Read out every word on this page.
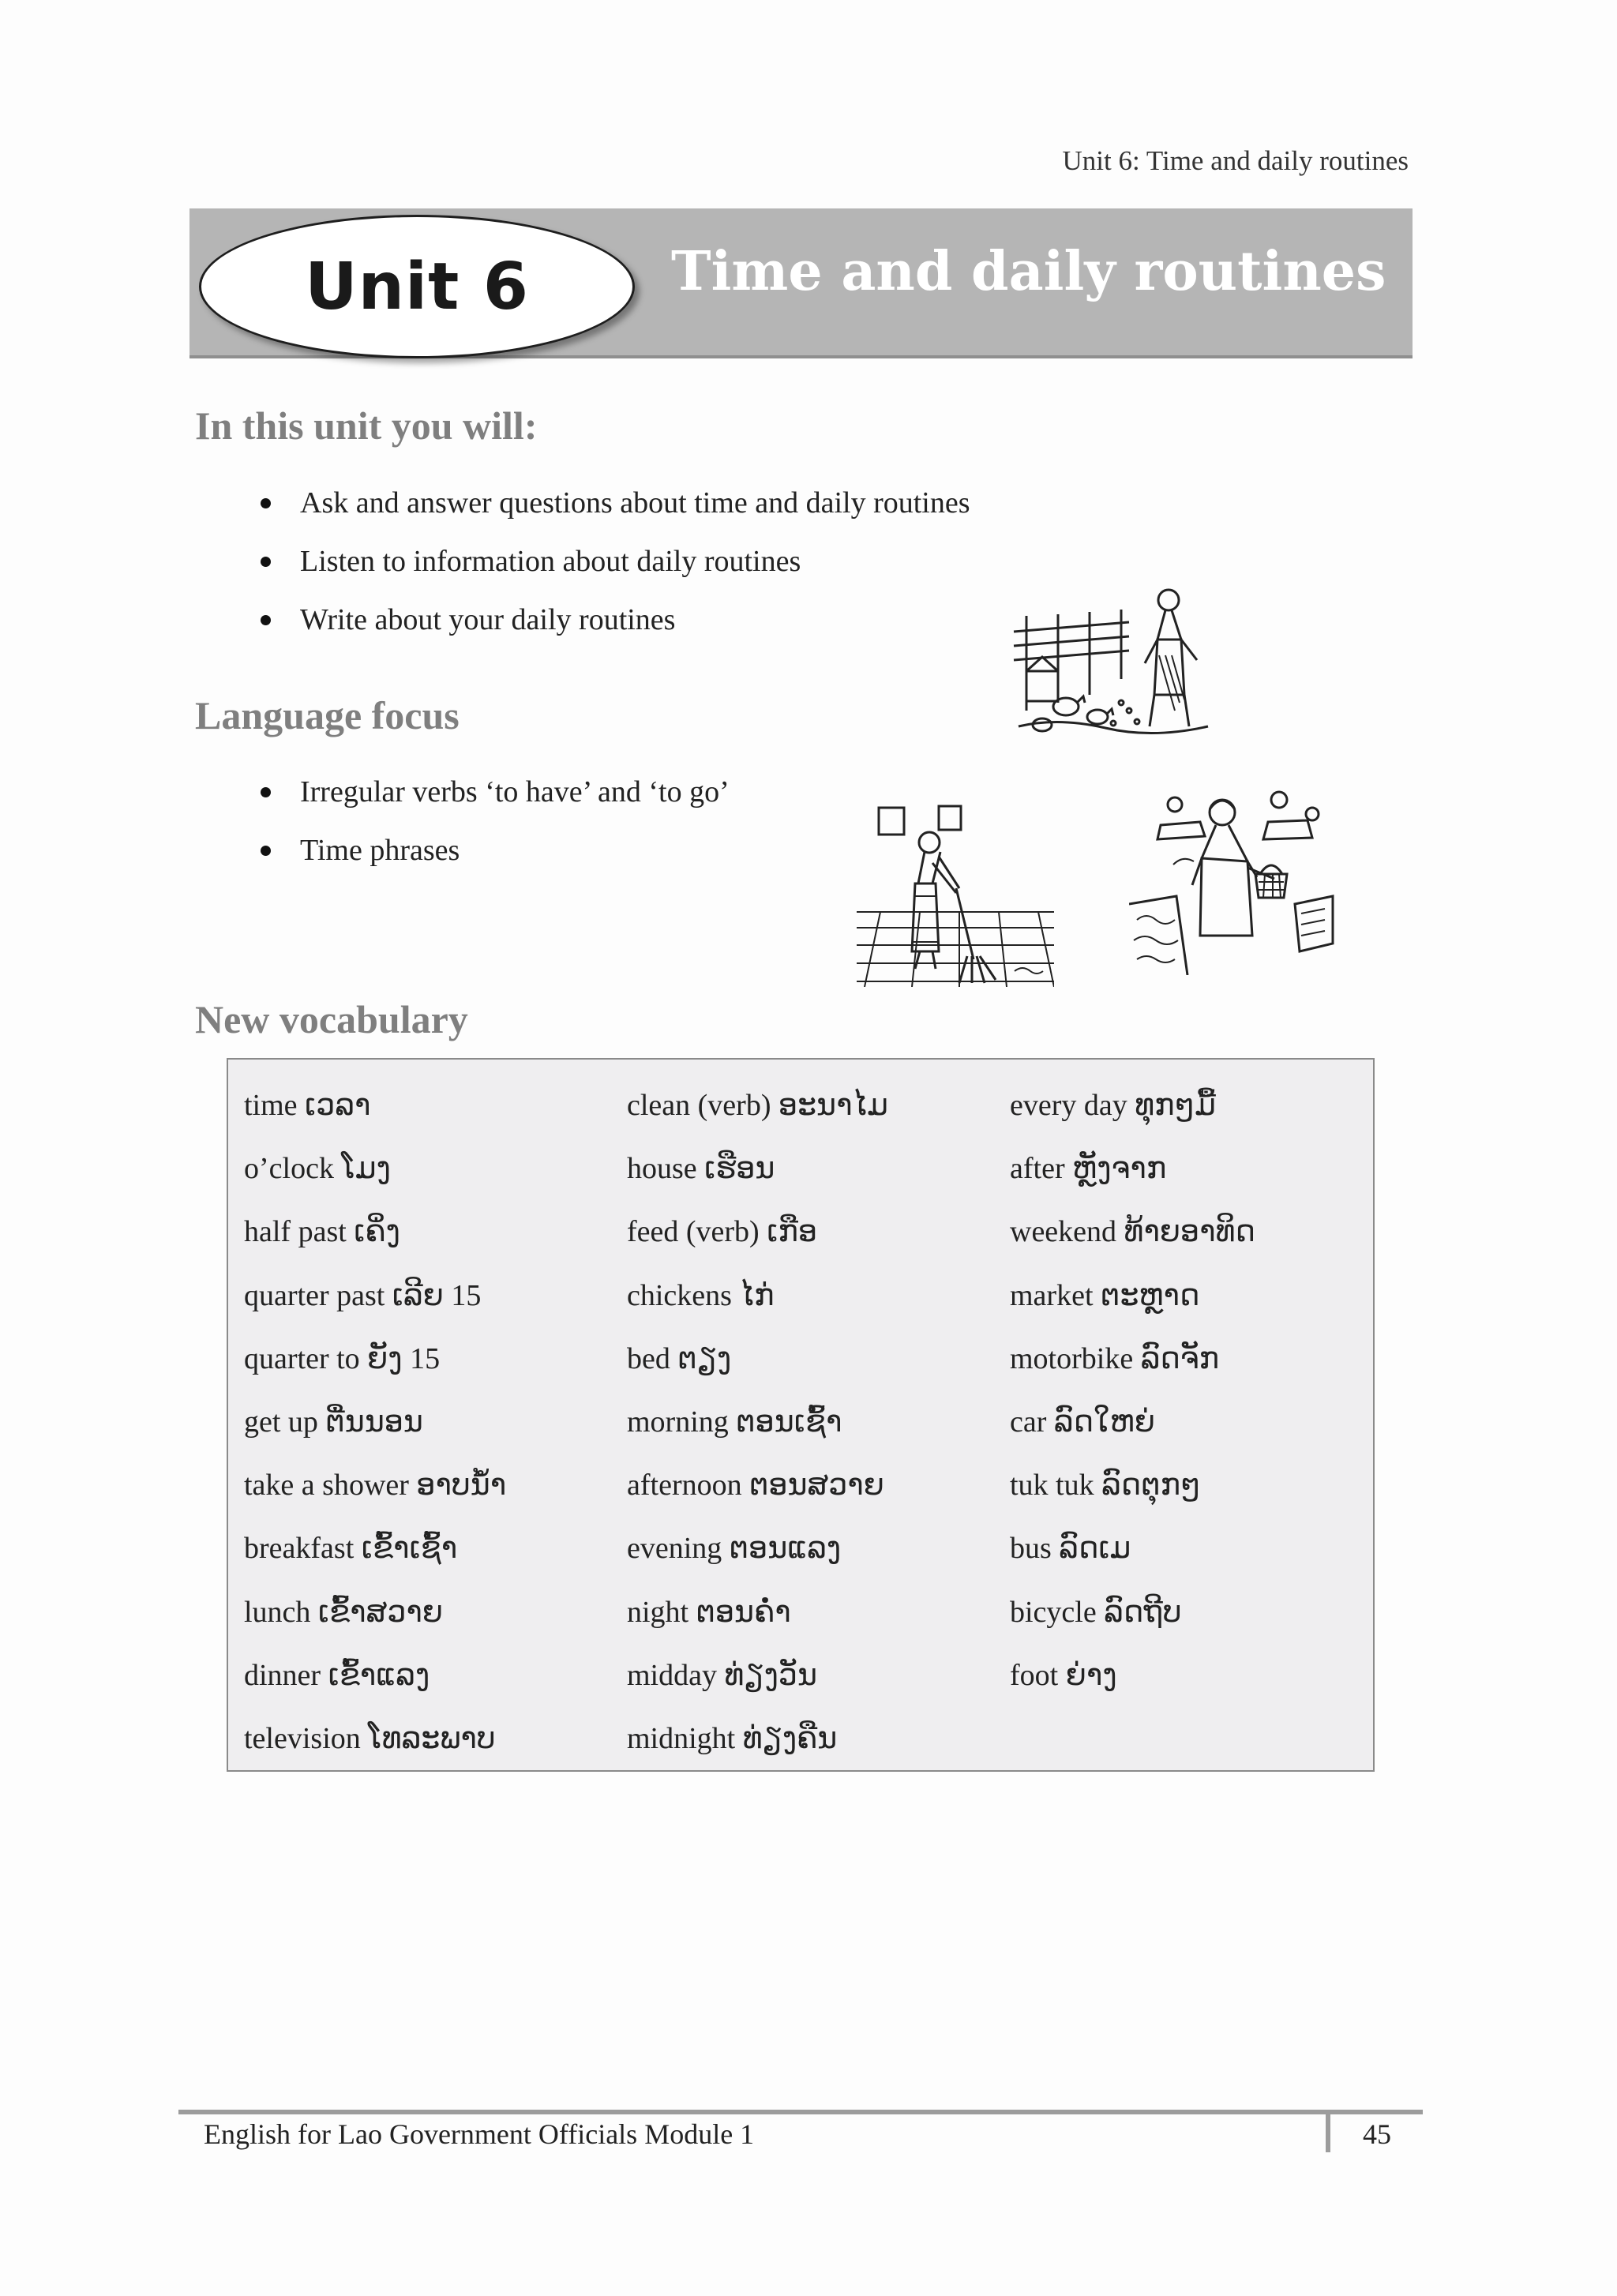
Unit 6: Time and daily routines
Unit 6	Time and daily routines
In this unit you will:
Ask and answer questions about time and daily routines
Listen to information about daily routines
Write about your daily routines
Language focus
Irregular verbs ‘to have’ and ‘to go’
Time phrases
New vocabulary
time ເວລາ
o’clock ໂມງ
half past ເຄິ່ງ
quarter past ເລີຍ 15
quarter to ຍັງ 15
get up ຕື່ນນອນ
take a shower ອາບນ້ຳ
breakfast ເຂົ້າເຊົ້າ
lunch ເຂົ້າສວາຍ
dinner ເຂົ້າແລງ
television ໂທລະພາບ
clean (verb) ອະນາໄມ
house ເຮືອນ
feed (verb) ເກືອ
chickens ໄກ່
bed ຕຽງ
morning ຕອນເຊົ້າ
afternoon ຕອນສວາຍ
evening ຕອນແລງ
night ຕອນຄ່ຳ
midday ທ່ຽງວັນ
midnight ທ່ຽງຄືນ
every day ທຸກໆມື້
after ຫຼັງຈາກ
weekend ທ້າຍອາທິດ
market ຕະຫຼາດ
motorbike ລົດຈັກ
car ລົດໃຫຍ່
tuk tuk ລົດຕຸກໆ
bus ລົດເມ
bicycle ລົດຖີບ
foot ຍ່າງ
English for Lao Government Officials Module 1	45
